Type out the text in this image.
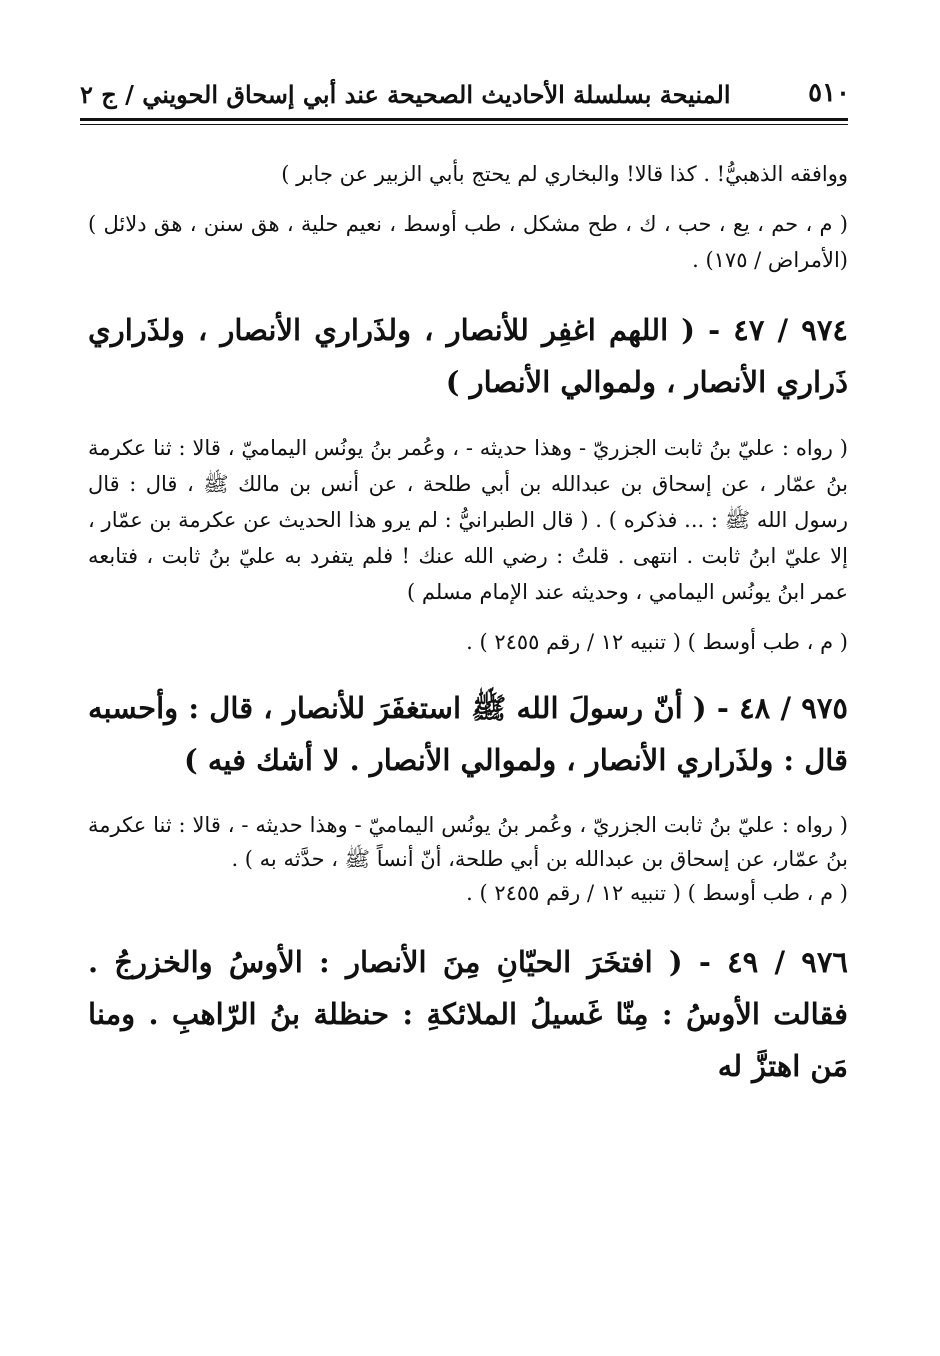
٥١٠
المنيحة بسلسلة الأحاديث الصحيحة عند أبي إسحاق الحويني / ج ٢

ووافقه الذهبيُّ! . كذا قالا! والبخاري لم يحتج بأبي الزبير عن جابر )

( م ، حم ، يع ، حب ، ك ، طح مشكل ، طب أوسط ، نعيم حلية ، هق سنن ، هق دلائل ) (الأمراض / ١٧٥) .

٩٧٤ / ٤٧ - ( اللهم اغفِر للأنصار ، ولذَراري الأنصار ، ولذَراري ذَراري الأنصار ، ولموالي الأنصار )

( رواه : عليّ بنُ ثابت الجزريّ - وهذا حديثه - ، وعُمر بنُ يونُس اليماميّ ، قالا : ثنا عكرمة بنُ عمّار ، عن إسحاق بن عبدالله بن أبي طلحة ، عن أنس بن مالك ﷺ ، قال : قال رسول الله ﷺ : ... فذكره ) . ( قال الطبرانيُّ : لم يرو هذا الحديث عن عكرمة بن عمّار ، إلا عليّ ابنُ ثابت . انتهى . قلتُ : رضي الله عنك ! فلم يتفرد به عليّ بنُ ثابت ، فتابعه عمر ابنُ يونُس اليمامي ، وحديثه عند الإمام مسلم )

( م ، طب أوسط ) ( تنبيه ١٢ / رقم ٢٤٥٥ ) .

٩٧٥ / ٤٨ - ( أنّ رسولَ الله ﷺ استغفَرَ للأنصار ، قال : وأحسبه قال : ولذَراري الأنصار ، ولموالي الأنصار . لا أشك فيه )

( رواه : عليّ بنُ ثابت الجزريّ ، وعُمر بنُ يونُس اليماميّ - وهذا حديثه - ، قالا : ثنا عكرمة بنُ عمّار، عن إسحاق بن عبدالله بن أبي طلحة، أنّ أنساً ﷺ ، حدَّثه به ) .

( م ، طب أوسط ) ( تنبيه ١٢ / رقم ٢٤٥٥ ) .

٩٧٦ / ٤٩ - ( افتخَرَ الحيّانِ مِنَ الأنصار : الأوسُ والخزرجُ . فقالت الأوسُ : مِنّا غَسيلُ الملائكةِ : حنظلة بنُ الرّاهبِ . ومنا مَن اهتزَّ له
